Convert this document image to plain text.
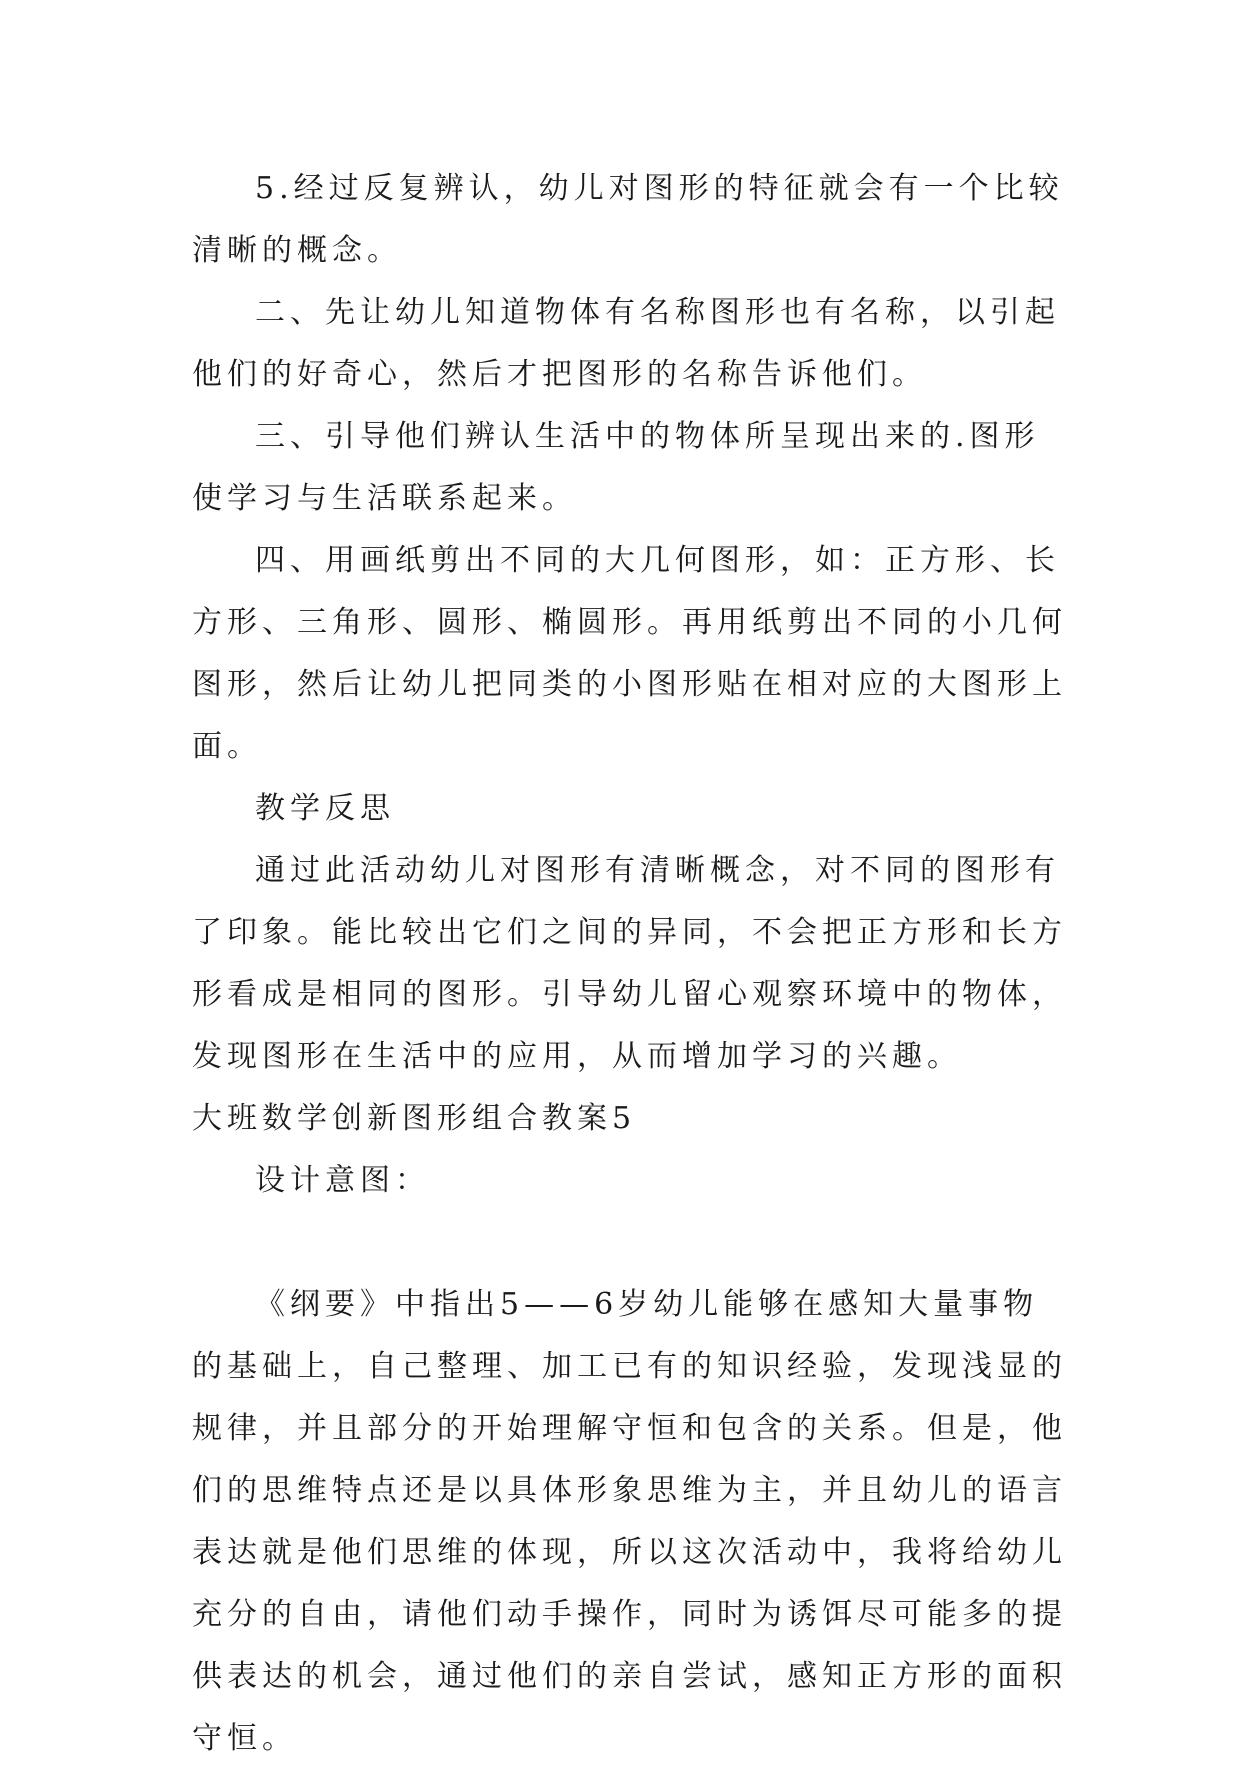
5.经过反复辨认，幼儿对图形的特征就会有一个比较清晰的概念。

二、先让幼儿知道物体有名称图形也有名称，以引起他们的好奇心，然后才把图形的名称告诉他们。

三、引导他们辨认生活中的物体所呈现出来的.图形使学习与生活联系起来。

四、用画纸剪出不同的大几何图形，如：正方形、长方形、三角形、圆形、椭圆形。再用纸剪出不同的小几何图形，然后让幼儿把同类的小图形贴在相对应的大图形上面。

教学反思

通过此活动幼儿对图形有清晰概念，对不同的图形有了印象。能比较出它们之间的异同，不会把正方形和长方形看成是相同的图形。引导幼儿留心观察环境中的物体，发现图形在生活中的应用，从而增加学习的兴趣。

大班数学创新图形组合教案5

设计意图：

《纲要》中指出5——6岁幼儿能够在感知大量事物的基础上，自己整理、加工已有的知识经验，发现浅显的规律，并且部分的开始理解守恒和包含的关系。但是，他们的思维特点还是以具体形象思维为主，并且幼儿的语言表达就是他们思维的体现，所以这次活动中，我将给幼儿充分的自由，请他们动手操作，同时为诱饵尽可能多的提供表达的机会，通过他们的亲自尝试，感知正方形的面积守恒。
